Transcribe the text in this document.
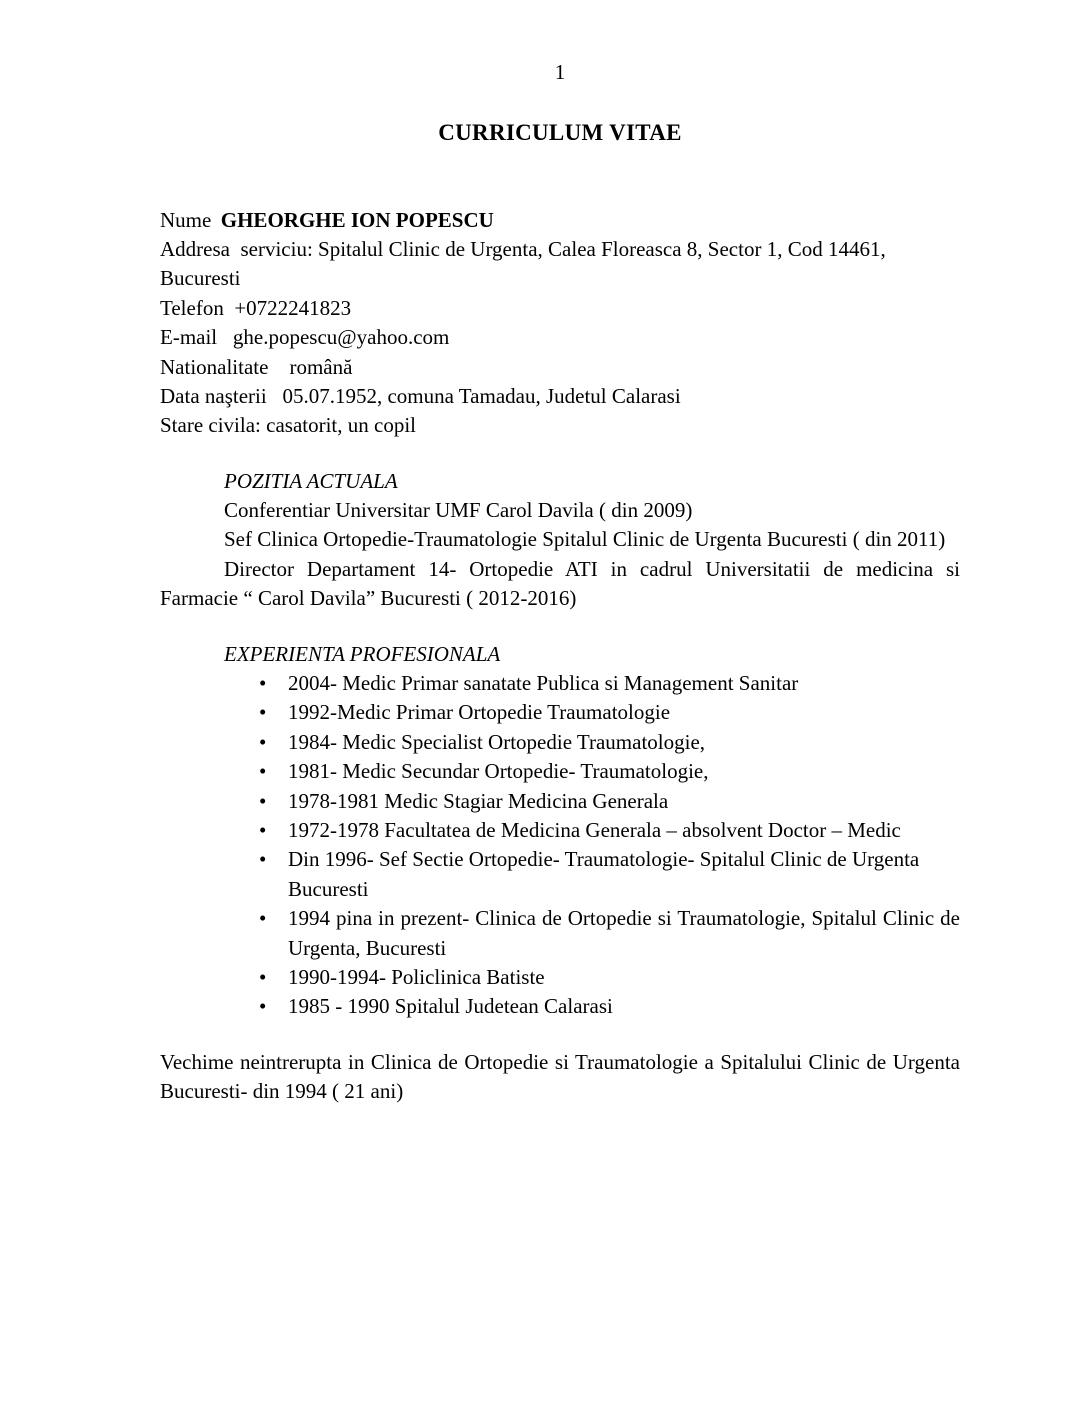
1
CURRICULUM VITAE

Nume GHEORGHE ION POPESCU

Addresa  serviciu: Spitalul Clinic de Urgenta, Calea Floreasca 8, Sector 1, Cod 14461, Bucuresti

Telefon  +0722241823

E-mail   ghe.popescu@yahoo.com

Nationalitate    română

Data naşterii   05.07.1952, comuna Tamadau, Judetul Calarasi

Stare civila: casatorit, un copil

POZITIA ACTUALA

Conferentiar Universitar UMF Carol Davila ( din 2009)

Sef Clinica Ortopedie-Traumatologie Spitalul Clinic de Urgenta Bucuresti ( din 2011)

Director Departament 14- Ortopedie ATI in cadrul Universitatii de medicina si Farmacie “ Carol Davila” Bucuresti ( 2012-2016)

EXPERIENTA PROFESIONALA

• 2004- Medic Primar sanatate Publica si Management Sanitar
• 1992-Medic Primar Ortopedie Traumatologie
• 1984- Medic Specialist Ortopedie Traumatologie,
• 1981- Medic Secundar Ortopedie- Traumatologie,
• 1978-1981 Medic Stagiar Medicina Generala
• 1972-1978 Facultatea de Medicina Generala – absolvent Doctor – Medic
• Din 1996- Sef Sectie Ortopedie- Traumatologie- Spitalul Clinic de Urgenta Bucuresti
• 1994 pina in prezent- Clinica de Ortopedie si Traumatologie, Spitalul Clinic de Urgenta, Bucuresti
• 1990-1994- Policlinica Batiste
• 1985 - 1990 Spitalul Judetean Calarasi

Vechime neintrerupta in Clinica de Ortopedie si Traumatologie a Spitalului Clinic de Urgenta Bucuresti- din 1994 ( 21 ani)
